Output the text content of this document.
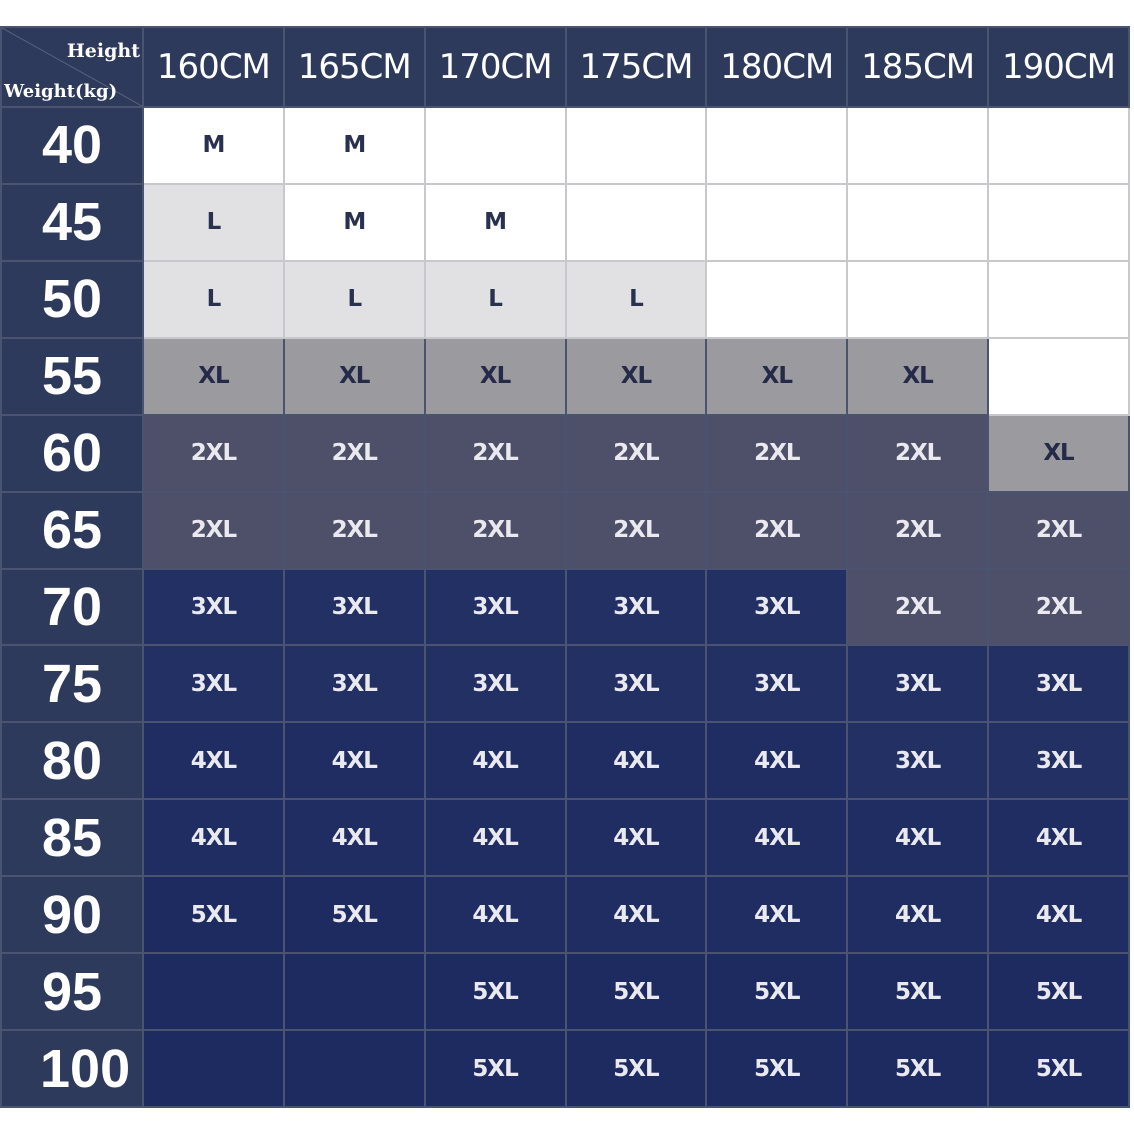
Height
Weight(kg)	160CM	165CM	170CM	175CM	180CM	185CM	190CM
40	M	M					
45	L	M	M				
50	L	L	L	L			
55	XL	XL	XL	XL	XL	XL	
60	2XL	2XL	2XL	2XL	2XL	2XL	XL
65	2XL	2XL	2XL	2XL	2XL	2XL	2XL
70	3XL	3XL	3XL	3XL	3XL	2XL	2XL
75	3XL	3XL	3XL	3XL	3XL	3XL	3XL
80	4XL	4XL	4XL	4XL	4XL	3XL	3XL
85	4XL	4XL	4XL	4XL	4XL	4XL	4XL
90	5XL	5XL	4XL	4XL	4XL	4XL	4XL
95			5XL	5XL	5XL	5XL	5XL
100			5XL	5XL	5XL	5XL	5XL
